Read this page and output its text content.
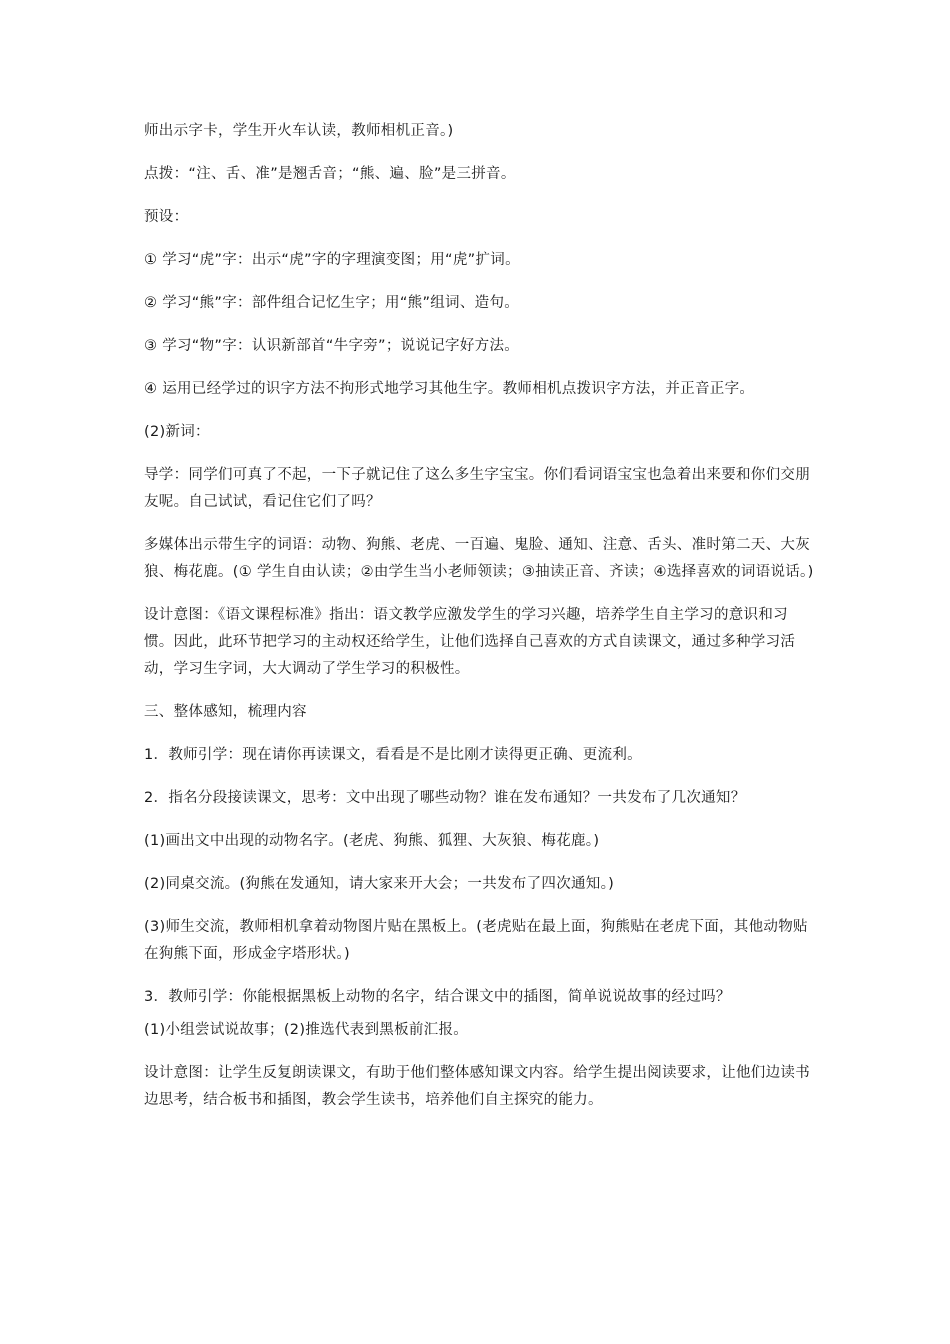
师出示字卡，学生开火车认读，教师相机正音。)

点拨：“注、舌、准”是翘舌音；“熊、遍、脸”是三拼音。

预设：

① 学习“虎”字：出示“虎”字的字理演变图；用“虎”扩词。

② 学习“熊”字：部件组合记忆生字；用“熊”组词、造句。

③ 学习“物”字：认识新部首“牛字旁”；说说记字好方法。

④ 运用已经学过的识字方法不拘形式地学习其他生字。教师相机点拨识字方法，并正音正字。

(2)新词：

导学：同学们可真了不起，一下子就记住了这么多生字宝宝。你们看词语宝宝也急着出来要和你们交朋友呢。自己试试，看记住它们了吗？

多媒体出示带生字的词语：动物、狗熊、老虎、一百遍、鬼脸、通知、注意、舌头、准时第二天、大灰狼、梅花鹿。(① 学生自由认读；②由学生当小老师领读；③抽读正音、齐读；④选择喜欢的词语说话。)

设计意图：《语文课程标准》指出：语文教学应激发学生的学习兴趣，培养学生自主学习的意识和习惯。因此，此环节把学习的主动权还给学生，让他们选择自己喜欢的方式自读课文，通过多种学习活动，学习生字词，大大调动了学生学习的积极性。

三、整体感知，梳理内容

1．教师引学：现在请你再读课文，看看是不是比刚才读得更正确、更流利。

2．指名分段接读课文，思考：文中出现了哪些动物？谁在发布通知？一共发布了几次通知？

(1)画出文中出现的动物名字。(老虎、狗熊、狐狸、大灰狼、梅花鹿。)

(2)同桌交流。(狗熊在发通知，请大家来开大会；一共发布了四次通知。)

(3)师生交流，教师相机拿着动物图片贴在黑板上。(老虎贴在最上面，狗熊贴在老虎下面，其他动物贴在狗熊下面，形成金字塔形状。)

3．教师引学：你能根据黑板上动物的名字，结合课文中的插图，简单说说故事的经过吗？

(1)小组尝试说故事；(2)推选代表到黑板前汇报。

设计意图：让学生反复朗读课文，有助于他们整体感知课文内容。给学生提出阅读要求，让他们边读书边思考，结合板书和插图，教会学生读书，培养他们自主探究的能力。
